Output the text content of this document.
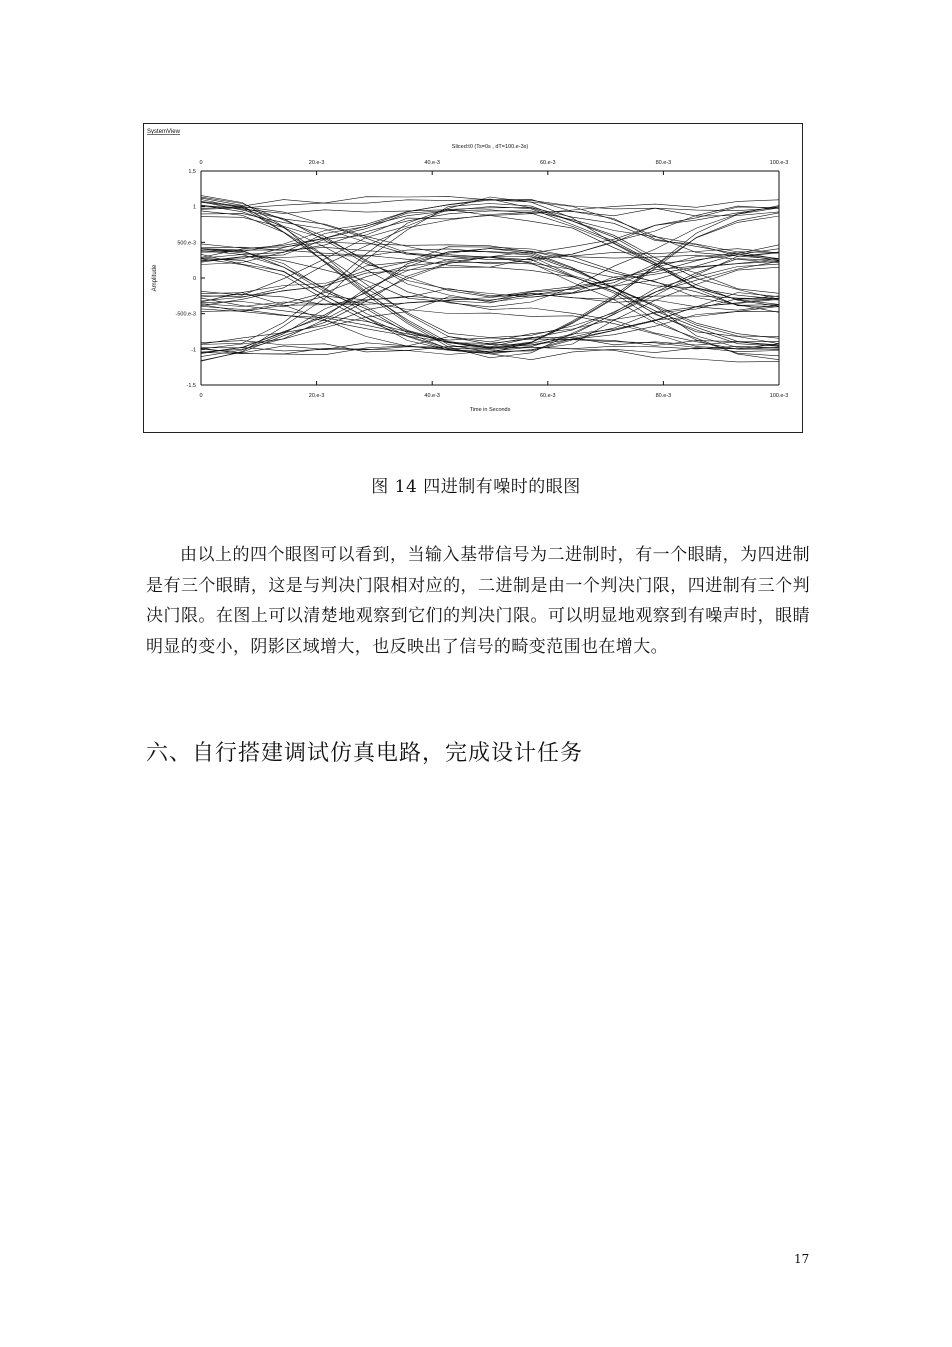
SystemView
Sliced:t0 (Ts=0s , dT=100.e-3s)
0
0
20.e-3
20.e-3
40.e-3
40.e-3
60.e-3
60.e-3
80.e-3
80.e-3
100.e-3
100.e-3
1.5
1
500.e-3
0
-500.e-3
-1
-1.5
Time in Seconds
Amplitude
图 14 四进制有噪时的眼图
由以上的四个眼图可以看到，当输入基带信号为二进制时，有一个眼睛，为四进制是有三个眼睛，这是与判决门限相对应的，二进制是由一个判决门限，四进制有三个判决门限。在图上可以清楚地观察到它们的判决门限。可以明显地观察到有噪声时，眼睛明显的变小，阴影区域增大，也反映出了信号的畸变范围也在增大。
六、自行搭建调试仿真电路，完成设计任务
17
